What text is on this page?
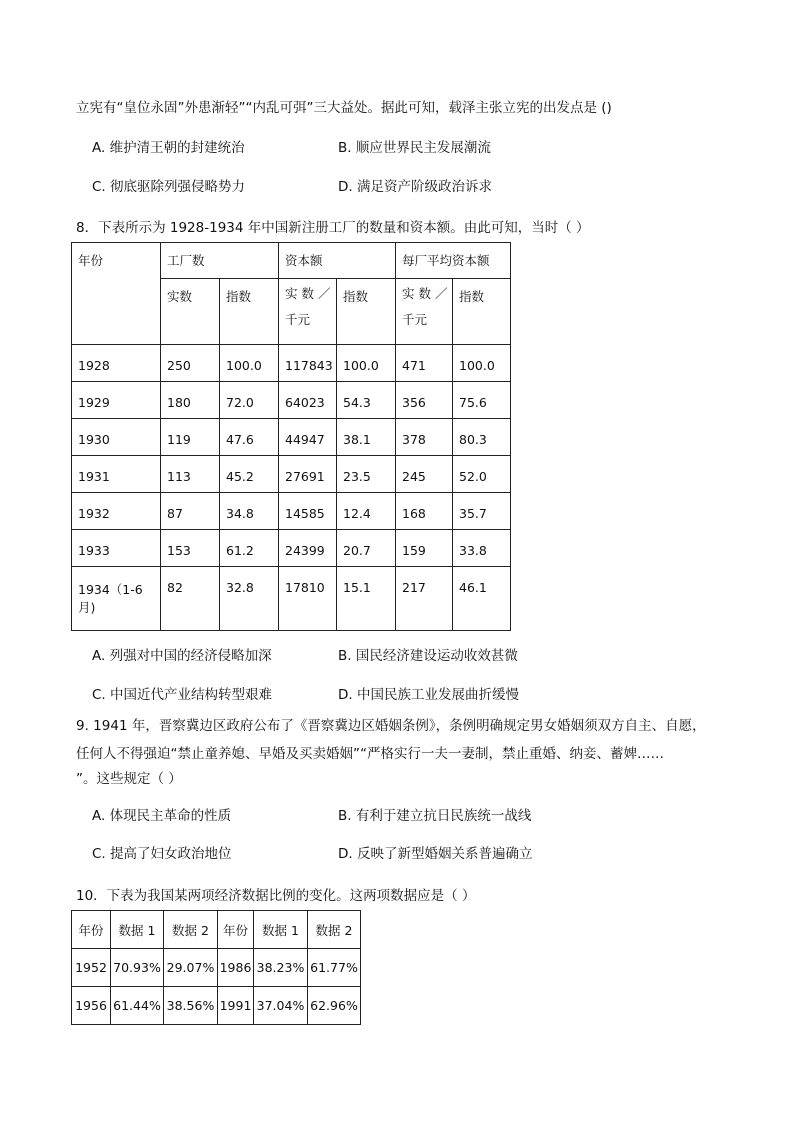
立宪有“皇位永固”外患渐轻”“内乱可弭”三大益处。据此可知，载泽主张立宪的出发点是 ()
A. 维护清王朝的封建统治	B. 顺应世界民主发展潮流
C. 彻底驱除列强侵略势力	D. 满足资产阶级政治诉求
8．下表所示为 1928-1934 年中国新注册工厂的数量和资本额。由此可知，当时（ ）
年份	工厂数		资本额		每厂平均资本额	
	实数	指数	实 数 ／千元	指数	实 数 ／千元	指数
1928	250	100.0	117843	100.0	471	100.0
1929	180	72.0	64023	54.3	356	75.6
1930	119	47.6	44947	38.1	378	80.3
1931	113	45.2	27691	23.5	245	52.0
1932	87	34.8	14585	12.4	168	35.7
1933	153	61.2	24399	20.7	159	33.8
1934（1-6 月)	82	32.8	17810	15.1	217	46.1
A. 列强对中国的经济侵略加深	B. 国民经济建设运动收效甚微
C. 中国近代产业结构转型艰难	D. 中国民族工业发展曲折缓慢
9. 1941 年，晋察冀边区政府公布了《晋察冀边区婚姻条例》，条例明确规定男女婚姻须双方自主、自愿，
任何人不得强迫“禁止童养媳、早婚及买卖婚姻”“严格实行一夫一妻制，禁止重婚、纳妾、蓄婢……
”。这些规定（ ）
A. 体现民主革命的性质	B. 有利于建立抗日民族统一战线
C. 提高了妇女政治地位	D. 反映了新型婚姻关系普遍确立
10．下表为我国某两项经济数据比例的变化。这两项数据应是（ ）
年份	数据 1	数据 2	年份	数据 1	数据 2
1952	70.93%	29.07%	1986	38.23%	61.77%
1956	61.44%	38.56%	1991	37.04%	62.96%
